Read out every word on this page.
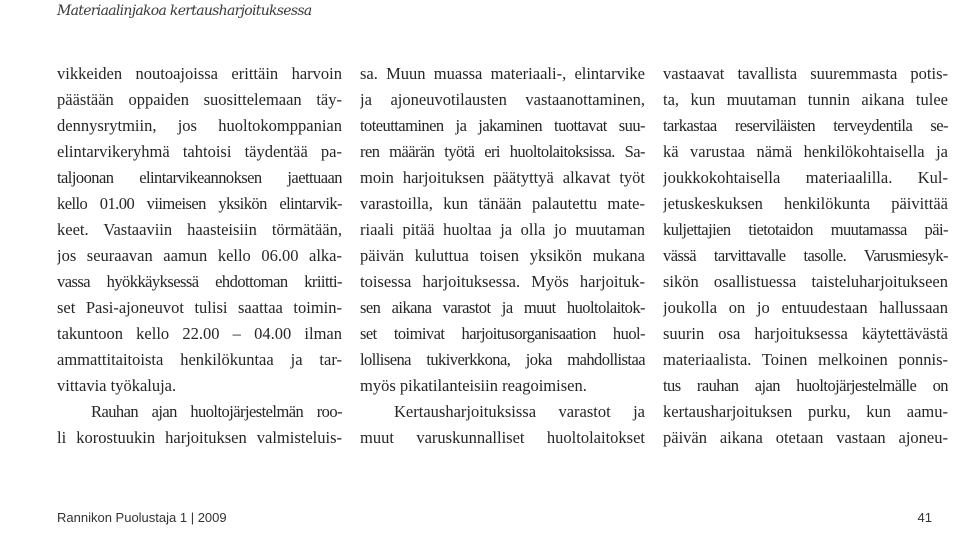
Materiaalinjakoa kertausharjoituksessa
vikkeiden noutoajoissa erittäin harvoin
päästään oppaiden suosittelemaan täy-
dennysrytmiin, jos huoltokomppanian
elintarvikeryhmä tahtoisi täydentää pa-
taljoonan elintarvikeannoksen jaettuaan
kello 01.00 viimeisen yksikön elintarvik-
keet. Vastaaviin haasteisiin törmätään,
jos seuraavan aamun kello 06.00 alka-
vassa hyökkäyksessä ehdottoman kriitti-
set Pasi-ajoneuvot tulisi saattaa toimin-
takuntoon kello 22.00 – 04.00 ilman
ammattitaitoista henkilökuntaa ja tar-
vittavia työkaluja.
Rauhan ajan huoltojärjestelmän roo-
li korostuukin harjoituksen valmisteluis-
sa. Muun muassa materiaali-, elintarvike
ja ajoneuvotilausten vastaanottaminen,
toteuttaminen ja jakaminen tuottavat suu-
ren määrän työtä eri huoltolaitoksissa. Sa-
moin harjoituksen päätyttyä alkavat työt
varastoilla, kun tänään palautettu mate-
riaali pitää huoltaa ja olla jo muutaman
päivän kuluttua toisen yksikön mukana
toisessa harjoituksessa. Myös harjoituk-
sen aikana varastot ja muut huoltolaitok-
set toimivat harjoitusorganisaation huol-
lollisena tukiverkkona, joka mahdollistaa
myös pikatilanteisiin reagoimisen.
Kertausharjoituksissa varastot ja
muut varuskunnalliset huoltolaitokset
vastaavat tavallista suuremmasta potis-
ta, kun muutaman tunnin aikana tulee
tarkastaa reserviläisten terveydentila se-
kä varustaa nämä henkilökohtaisella ja
joukkokohtaisella materiaalilla. Kul-
jetuskeskuksen henkilökunta päivittää
kuljettajien tietotaidon muutamassa päi-
vässä tarvittavalle tasolle. Varusmiesyk-
sikön osallistuessa taisteluharjoitukseen
joukolla on jo entuudestaan hallussaan
suurin osa harjoituksessa käytettävästä
materiaalista. Toinen melkoinen ponnis-
tus rauhan ajan huoltojärjestelmälle on
kertausharjoituksen purku, kun aamu-
päivän aikana otetaan vastaan ajoneu-
Rannikon Puolustaja 1 | 2009	41
